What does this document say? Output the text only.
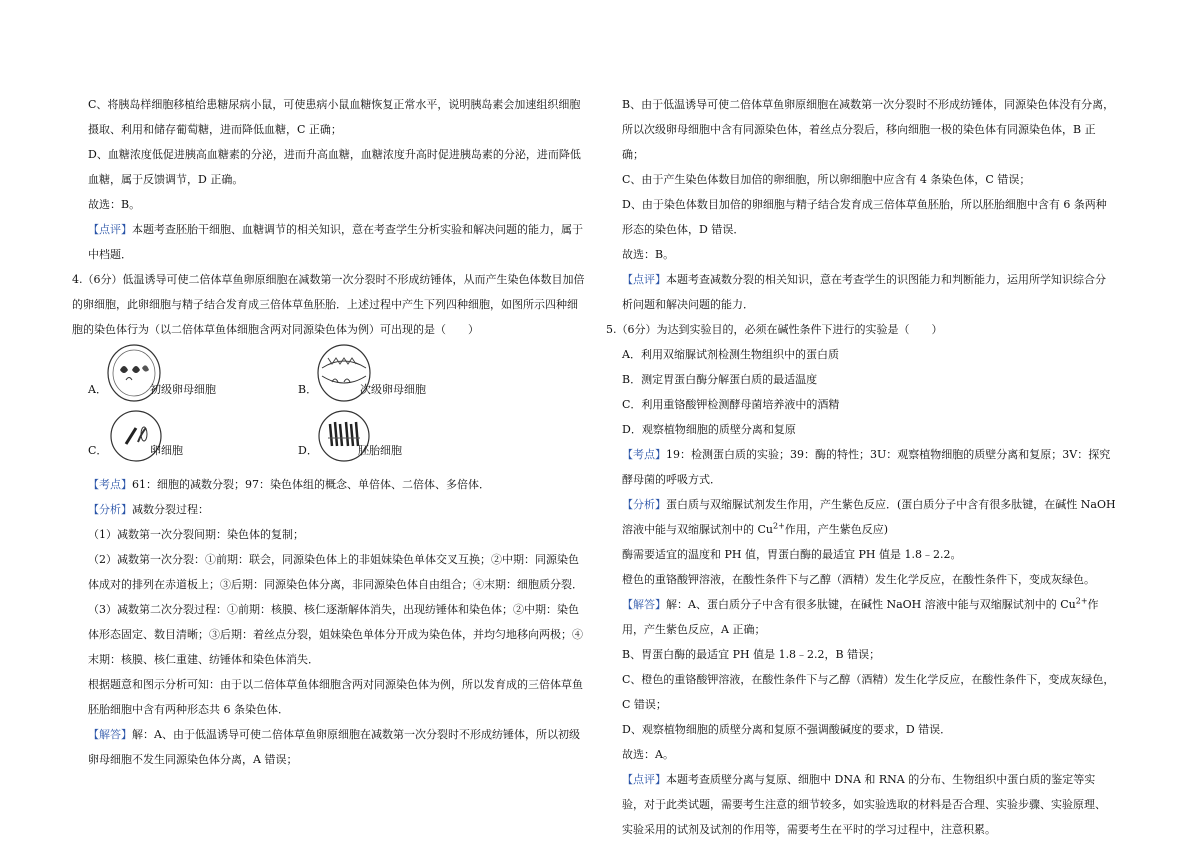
C、将胰岛样细胞移植给患糖尿病小鼠，可使患病小鼠血糖恢复正常水平，说明胰岛素会加速组织细胞摄取、利用和储存葡萄糖，进而降低血糖，C 正确；

D、血糖浓度低促进胰高血糖素的分泌，进而升高血糖，血糖浓度升高时促进胰岛素的分泌，进而降低血糖，属于反馈调节，D 正确。

故选：B。

【点评】本题考查胚胎干细胞、血糖调节的相关知识，意在考查学生分析实验和解决问题的能力，属于中档题．

4.（6分）低温诱导可使二倍体草鱼卵原细胞在减数第一次分裂时不形成纺锤体，从而产生染色体数目加倍的卵细胞，此卵细胞与精子结合发育成三倍体草鱼胚胎．上述过程中产生下列四种细胞，如图所示四种细胞的染色体行为（以二倍体草鱼体细胞含两对同源染色体为例）可出现的是（　　）

A．	初级卵母细胞	B．	次级卵母细胞
C．	卵细胞	D．	胚胎细胞

【考点】61：细胞的减数分裂；97：染色体组的概念、单倍体、二倍体、多倍体．

【分析】减数分裂过程：

（1）减数第一次分裂间期：染色体的复制；

（2）减数第一次分裂：①前期：联会，同源染色体上的非姐妹染色单体交叉互换；②中期：同源染色体成对的排列在赤道板上；③后期：同源染色体分离，非同源染色体自由组合；④末期：细胞质分裂．

（3）减数第二次分裂过程：①前期：核膜、核仁逐渐解体消失，出现纺锤体和染色体；②中期：染色体形态固定、数目清晰；③后期：着丝点分裂，姐妹染色单体分开成为染色体，并均匀地移向两极；④末期：核膜、核仁重建、纺锤体和染色体消失．

根据题意和图示分析可知：由于以二倍体草鱼体细胞含两对同源染色体为例，所以发育成的三倍体草鱼胚胎细胞中含有两种形态共 6 条染色体．

【解答】解：A、由于低温诱导可使二倍体草鱼卵原细胞在减数第一次分裂时不形成纺锤体，所以初级卵母细胞不发生同源染色体分离，A 错误；

B、由于低温诱导可使二倍体草鱼卵原细胞在减数第一次分裂时不形成纺锤体，同源染色体没有分离，所以次级卵母细胞中含有同源染色体，着丝点分裂后，移向细胞一极的染色体有同源染色体，B 正确；

C、由于产生染色体数目加倍的卵细胞，所以卵细胞中应含有 4 条染色体，C 错误；

D、由于染色体数目加倍的卵细胞与精子结合发育成三倍体草鱼胚胎，所以胚胎细胞中含有 6 条两种形态的染色体，D 错误．

故选：B。

【点评】本题考查减数分裂的相关知识，意在考查学生的识图能力和判断能力，运用所学知识综合分析问题和解决问题的能力．

5.（6分）为达到实验目的，必须在碱性条件下进行的实验是（　　）

A．利用双缩脲试剂检测生物组织中的蛋白质

B．测定胃蛋白酶分解蛋白质的最适温度

C．利用重铬酸钾检测酵母菌培养液中的酒精

D．观察植物细胞的质壁分离和复原

【考点】19：检测蛋白质的实验；39：酶的特性；3U：观察植物细胞的质壁分离和复原；3V：探究酵母菌的呼吸方式．

【分析】蛋白质与双缩脲试剂发生作用，产生紫色反应．(蛋白质分子中含有很多肽键，在碱性 NaOH 溶液中能与双缩脲试剂中的 $Cu^{2+}$作用，产生紫色反应)

酶需要适宜的温度和 PH 值，胃蛋白酶的最适宜 PH 值是 1.8﹣2.2。

橙色的重铬酸钾溶液，在酸性条件下与乙醇（酒精）发生化学反应，在酸性条件下，变成灰绿色。

【解答】解：A、蛋白质分子中含有很多肽键，在碱性 NaOH 溶液中能与双缩脲试剂中的 $Cu^{2+}$作用，产生紫色反应，A 正确；

B、胃蛋白酶的最适宜 PH 值是 1.8﹣2.2，B 错误；

C、橙色的重铬酸钾溶液，在酸性条件下与乙醇（酒精）发生化学反应，在酸性条件下，变成灰绿色，C 错误；

D、观察植物细胞的质壁分离和复原不强调酸碱度的要求，D 错误．

故选：A。

【点评】本题考查质壁分离与复原、细胞中 DNA 和 RNA 的分布、生物组织中蛋白质的鉴定等实验，对于此类试题，需要考生注意的细节较多，如实验选取的材料是否合理、实验步骤、实验原理、实验采用的试剂及试剂的作用等，需要考生在平时的学习过程中，注意积累。
